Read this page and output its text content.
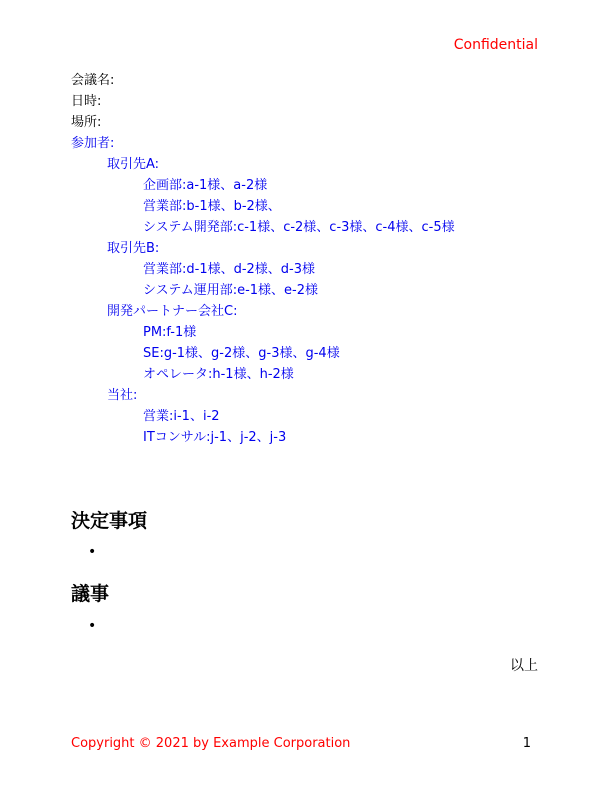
Confidential
会議名:
日時:
場所:
参加者:
取引先A:
企画部:a-1様、a-2様
営業部:b-1様、b-2様、
システム開発部:c-1様、c-2様、c-3様、c-4様、c-5様
取引先B:
営業部:d-1様、d-2様、d-3様
システム運用部:e-1様、e-2様
開発パートナー会社C:
PM:f-1様
SE:g-1様、g-2様、g-3様、g-4様
オペレータ:h-1様、h-2様
当社:
営業:i-1、i-2
ITコンサル:j-1、j-2、j-3
決定事項
•
議事
•
以上
Copyright © 2021 by Example Corporation	1
